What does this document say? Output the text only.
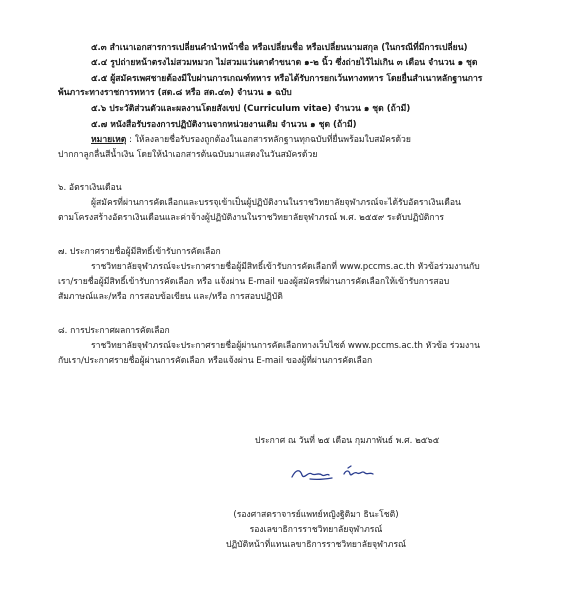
๕.๓ สำเนาเอกสารการเปลี่ยนคำนำหน้าชื่อ หรือเปลี่ยนชื่อ หรือเปลี่ยนนามสกุล (ในกรณีที่มีการเปลี่ยน)
๕.๔ รูปถ่ายหน้าตรงไม่สวมหมวก ไม่สวมแว่นตาดำขนาด ๑-๒ นิ้ว ซึ่งถ่ายไว้ไม่เกิน ๓ เดือน จำนวน ๑ ชุด
๕.๕ ผู้สมัครเพศชายต้องมีใบผ่านการเกณฑ์ทหาร หรือได้รับการยกเว้นทางทหาร โดยยื่นสำเนาหลักฐานการ
พ้นภาระทางราชการทหาร (สด.๘ หรือ สด.๔๓) จำนวน ๑ ฉบับ
๕.๖ ประวัติส่วนตัวและผลงานโดยสังเขป (Curriculum vitae) จำนวน ๑ ชุด (ถ้ามี)
๕.๗ หนังสือรับรองการปฏิบัติงานจากหน่วยงานเดิม จำนวน ๑ ชุด (ถ้ามี)
หมายเหตุ : ให้ลงลายชื่อรับรองถูกต้องในเอกสารหลักฐานทุกฉบับที่ยื่นพร้อมใบสมัครด้วย
ปากกาลูกลื่นสีน้ำเงิน โดยให้นำเอกสารต้นฉบับมาแสดงในวันสมัครด้วย
๖. อัตราเงินเดือน
ผู้สมัครที่ผ่านการคัดเลือกและบรรจุเข้าเป็นผู้ปฏิบัติงานในราชวิทยาลัยจุฬาภรณ์จะได้รับอัตราเงินเดือน
ตามโครงสร้างอัตราเงินเดือนและค่าจ้างผู้ปฏิบัติงานในราชวิทยาลัยจุฬาภรณ์ พ.ศ. ๒๕๕๙ ระดับปฏิบัติการ
๗. ประกาศรายชื่อผู้มีสิทธิ์เข้ารับการคัดเลือก
ราชวิทยาลัยจุฬาภรณ์จะประกาศรายชื่อผู้มีสิทธิ์เข้ารับการคัดเลือกที่ www.pccms.ac.th หัวข้อร่วมงานกับ
เรา/รายชื่อผู้มีสิทธิ์เข้ารับการคัดเลือก หรือ แจ้งผ่าน E-mail ของผู้สมัครที่ผ่านการคัดเลือกให้เข้ารับการสอบ
สัมภาษณ์และ/หรือ การสอบข้อเขียน และ/หรือ การสอบปฏิบัติ
๘. การประกาศผลการคัดเลือก
ราชวิทยาลัยจุฬาภรณ์จะประกาศรายชื่อผู้ผ่านการคัดเลือกทางเว็บไซต์ www.pccms.ac.th หัวข้อ ร่วมงาน
กับเรา/ประกาศรายชื่อผู้ผ่านการคัดเลือก หรือแจ้งผ่าน E-mail ของผู้ที่ผ่านการคัดเลือก
ประกาศ ณ วันที่ ๒๕ เดือน กุมภาพันธ์ พ.ศ. ๒๕๖๕
(รองศาสตราจารย์แพทย์หญิงฐิติมา ธินะโชติ)
รองเลขาธิการราชวิทยาลัยจุฬาภรณ์
ปฏิบัติหน้าที่แทนเลขาธิการราชวิทยาลัยจุฬาภรณ์
